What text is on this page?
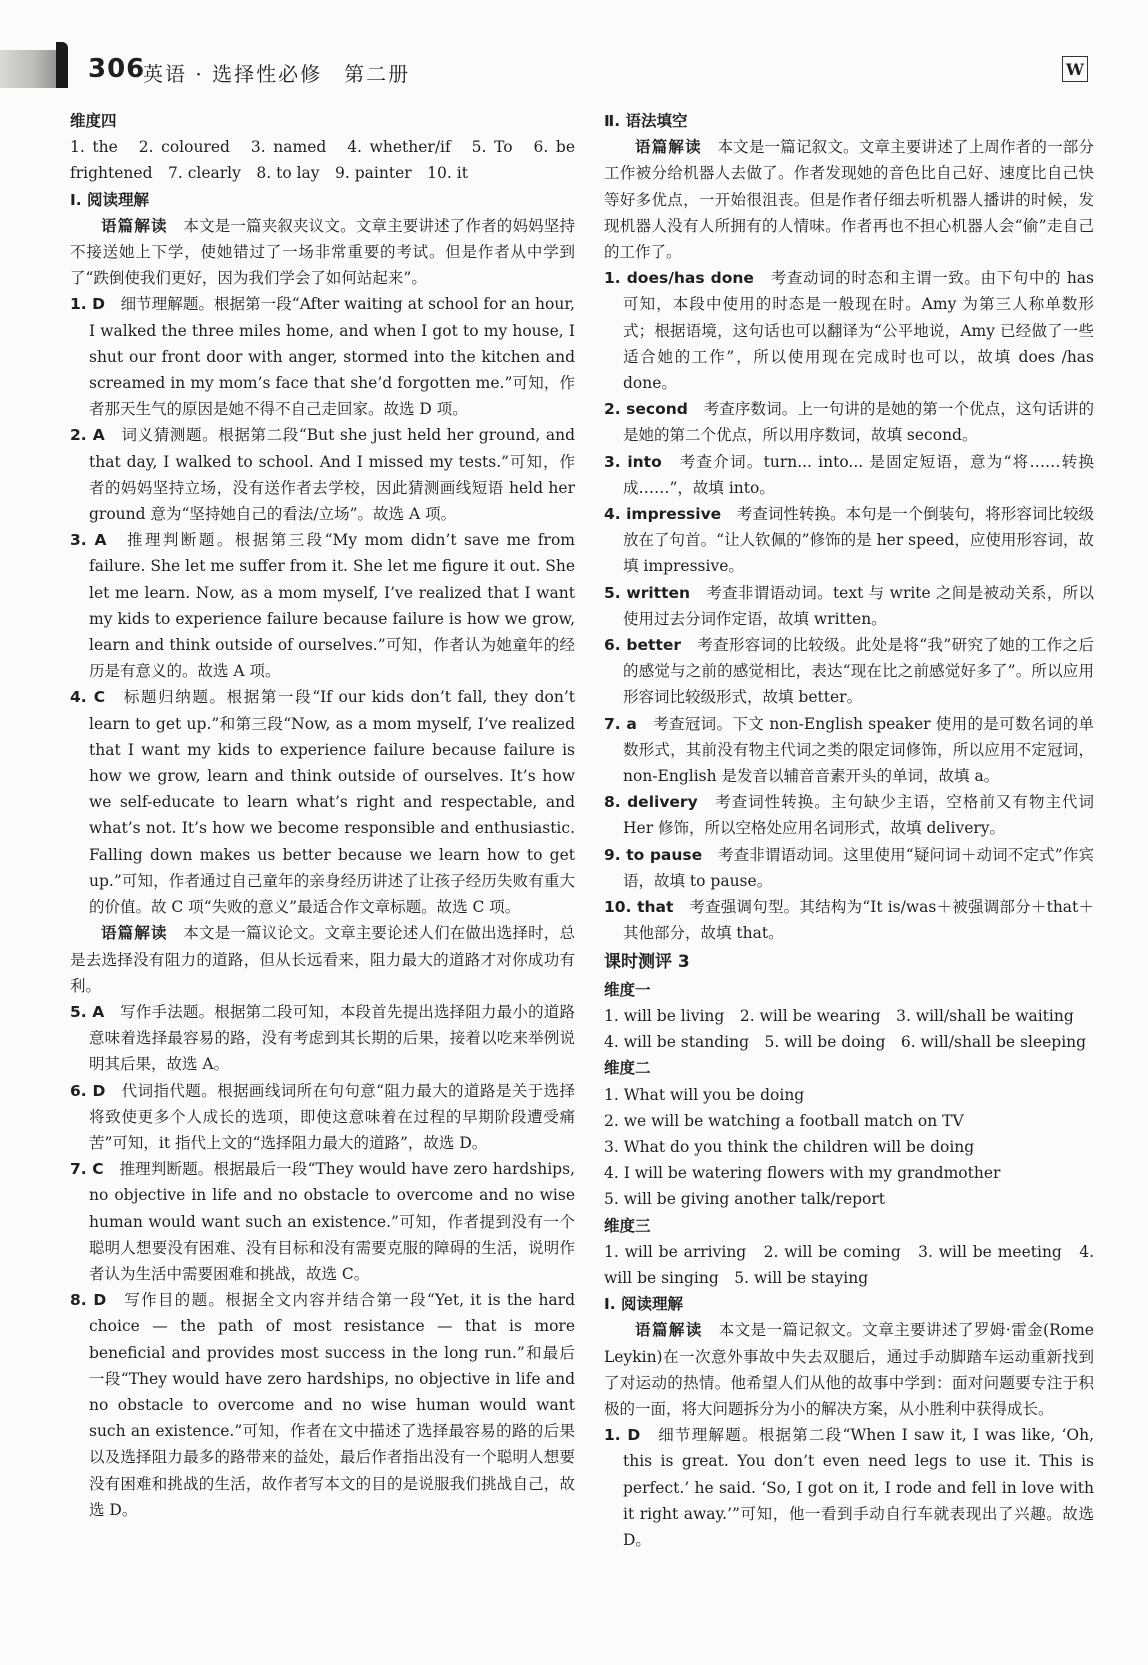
306
英语 · 选择性必修　第二册	W

维度四

1. the　2. coloured　3. named　4. whether/if　5. To　6. be frightened　7. clearly　8. to lay　9. painter　10. it

Ⅰ. 阅读理解

语篇解读　 本文是一篇夹叙夹议文。文章主要讲述了作者的妈妈坚持不接送她上下学，使她错过了一场非常重要的考试。但是作者从中学到了“跌倒使我们更好，因为我们学会了如何站起来”。

1. D　 细节理解题。根据第一段“After waiting at school for an hour, I walked the three miles home, and when I got to my house, I shut our front door with anger, stormed into the kitchen and screamed in my mom’s face that she’d forgotten me.”可知，作者那天生气的原因是她不得不自己走回家。故选 D 项。

2. A　 词义猜测题。根据第二段“But she just held her ground, and that day, I walked to school. And I missed my tests.”可知，作者的妈妈坚持立场，没有送作者去学校，因此猜测画线短语 held her ground 意为“坚持她自己的看法/立场”。故选 A 项。

3. A　 推理判断题。根据第三段“My mom didn’t save me from failure. She let me suffer from it. She let me figure it out. She let me learn. Now, as a mom myself, I’ve realized that I want my kids to experience failure because failure is how we grow, learn and think outside of ourselves.”可知，作者认为她童年的经历是有意义的。故选 A 项。

4. C　 标题归纳题。根据第一段“If our kids don’t fall, they don’t learn to get up.”和第三段“Now, as a mom myself, I’ve realized that I want my kids to experience failure because failure is how we grow, learn and think outside of ourselves. It’s how we self-educate to learn what’s right and respectable, and what’s not. It’s how we become responsible and enthusiastic. Falling down makes us better because we learn how to get up.”可知，作者通过自己童年的亲身经历讲述了让孩子经历失败有重大的价值。故 C 项“失败的意义”最适合作文章标题。故选 C 项。

语篇解读　 本文是一篇议论文。文章主要论述人们在做出选择时，总是去选择没有阻力的道路，但从长远看来，阻力最大的道路才对你成功有利。

5. A　 写作手法题。根据第二段可知，本段首先提出选择阻力最小的道路意味着选择最容易的路，没有考虑到其长期的后果，接着以吃来举例说明其后果，故选 A。

6. D　 代词指代题。根据画线词所在句句意“阻力最大的道路是关于选择将致使更多个人成长的选项，即使这意味着在过程的早期阶段遭受痛苦”可知，it 指代上文的“选择阻力最大的道路”，故选 D。

7. C　 推理判断题。根据最后一段“They would have zero hardships, no objective in life and no obstacle to overcome and no wise human would want such an existence.”可知，作者提到没有一个聪明人想要没有困难、没有目标和没有需要克服的障碍的生活，说明作者认为生活中需要困难和挑战，故选 C。

8. D　 写作目的题。根据全文内容并结合第一段“Yet, it is the hard choice — the path of most resistance — that is more beneficial and provides most success in the long run.”和最后一段“They would have zero hardships, no objective in life and no obstacle to overcome and no wise human would want such an existence.”可知，作者在文中描述了选择最容易的路的后果以及选择阻力最多的路带来的益处，最后作者指出没有一个聪明人想要没有困难和挑战的生活，故作者写本文的目的是说服我们挑战自己，故选 D。

Ⅱ. 语法填空

语篇解读　 本文是一篇记叙文。文章主要讲述了上周作者的一部分工作被分给机器人去做了。作者发现她的音色比自己好、速度比自己快等好多优点，一开始很沮丧。但是作者仔细去听机器人播讲的时候，发现机器人没有人所拥有的人情味。作者再也不担心机器人会“偷”走自己的工作了。

1. does/has done　 考查动词的时态和主谓一致。由下句中的 has 可知，本段中使用的时态是一般现在时。Amy 为第三人称单数形式；根据语境，这句话也可以翻译为“公平地说，Amy 已经做了一些适合她的工作”，所以使用现在完成时也可以，故填 does /has done。

2. second　 考查序数词。上一句讲的是她的第一个优点，这句话讲的是她的第二个优点，所以用序数词，故填 second。

3. into　 考查介词。turn... into... 是固定短语，意为“将……转换成……”，故填 into。

4. impressive　 考查词性转换。本句是一个倒装句，将形容词比较级放在了句首。“让人钦佩的”修饰的是 her speed，应使用形容词，故填 impressive。

5. written　 考查非谓语动词。text 与 write 之间是被动关系，所以使用过去分词作定语，故填 written。

6. better　 考查形容词的比较级。此处是将“我”研究了她的工作之后的感觉与之前的感觉相比，表达“现在比之前感觉好多了”。所以应用形容词比较级形式，故填 better。

7. a　 考查冠词。下文 non-English speaker 使用的是可数名词的单数形式，其前没有物主代词之类的限定词修饰，所以应用不定冠词，non-English 是发音以辅音音素开头的单词，故填 a。

8. delivery　 考查词性转换。主句缺少主语，空格前又有物主代词 Her 修饰，所以空格处应用名词形式，故填 delivery。

9. to pause　 考查非谓语动词。这里使用“疑问词＋动词不定式”作宾语，故填 to pause。

10. that　 考查强调句型。其结构为“It is/was＋被强调部分＋that＋其他部分，故填 that。

课时测评 3

维度一

1. will be living　2. will be wearing　3. will/shall be waiting

4. will be standing　5. will be doing　6. will/shall be sleeping

维度二

1. What will you be doing

2. we will be watching a football match on TV

3. What do you think the children will be doing

4. I will be watering flowers with my grandmother

5. will be giving another talk/report

维度三

1. will be arriving　2. will be coming　3. will be meeting　4. will be singing　5. will be staying

Ⅰ. 阅读理解

语篇解读　 本文是一篇记叙文。文章主要讲述了罗姆·雷金(Rome Leykin)在一次意外事故中失去双腿后，通过手动脚踏车运动重新找到了对运动的热情。他希望人们从他的故事中学到：面对问题要专注于积极的一面，将大问题拆分为小的解决方案，从小胜利中获得成长。

1. D　 细节理解题。根据第二段“When I saw it, I was like, ‘Oh, this is great. You don’t even need legs to use it. This is perfect.’ he said. ‘So, I got on it, I rode and fell in love with it right away.’”可知，他一看到手动自行车就表现出了兴趣。故选 D。
